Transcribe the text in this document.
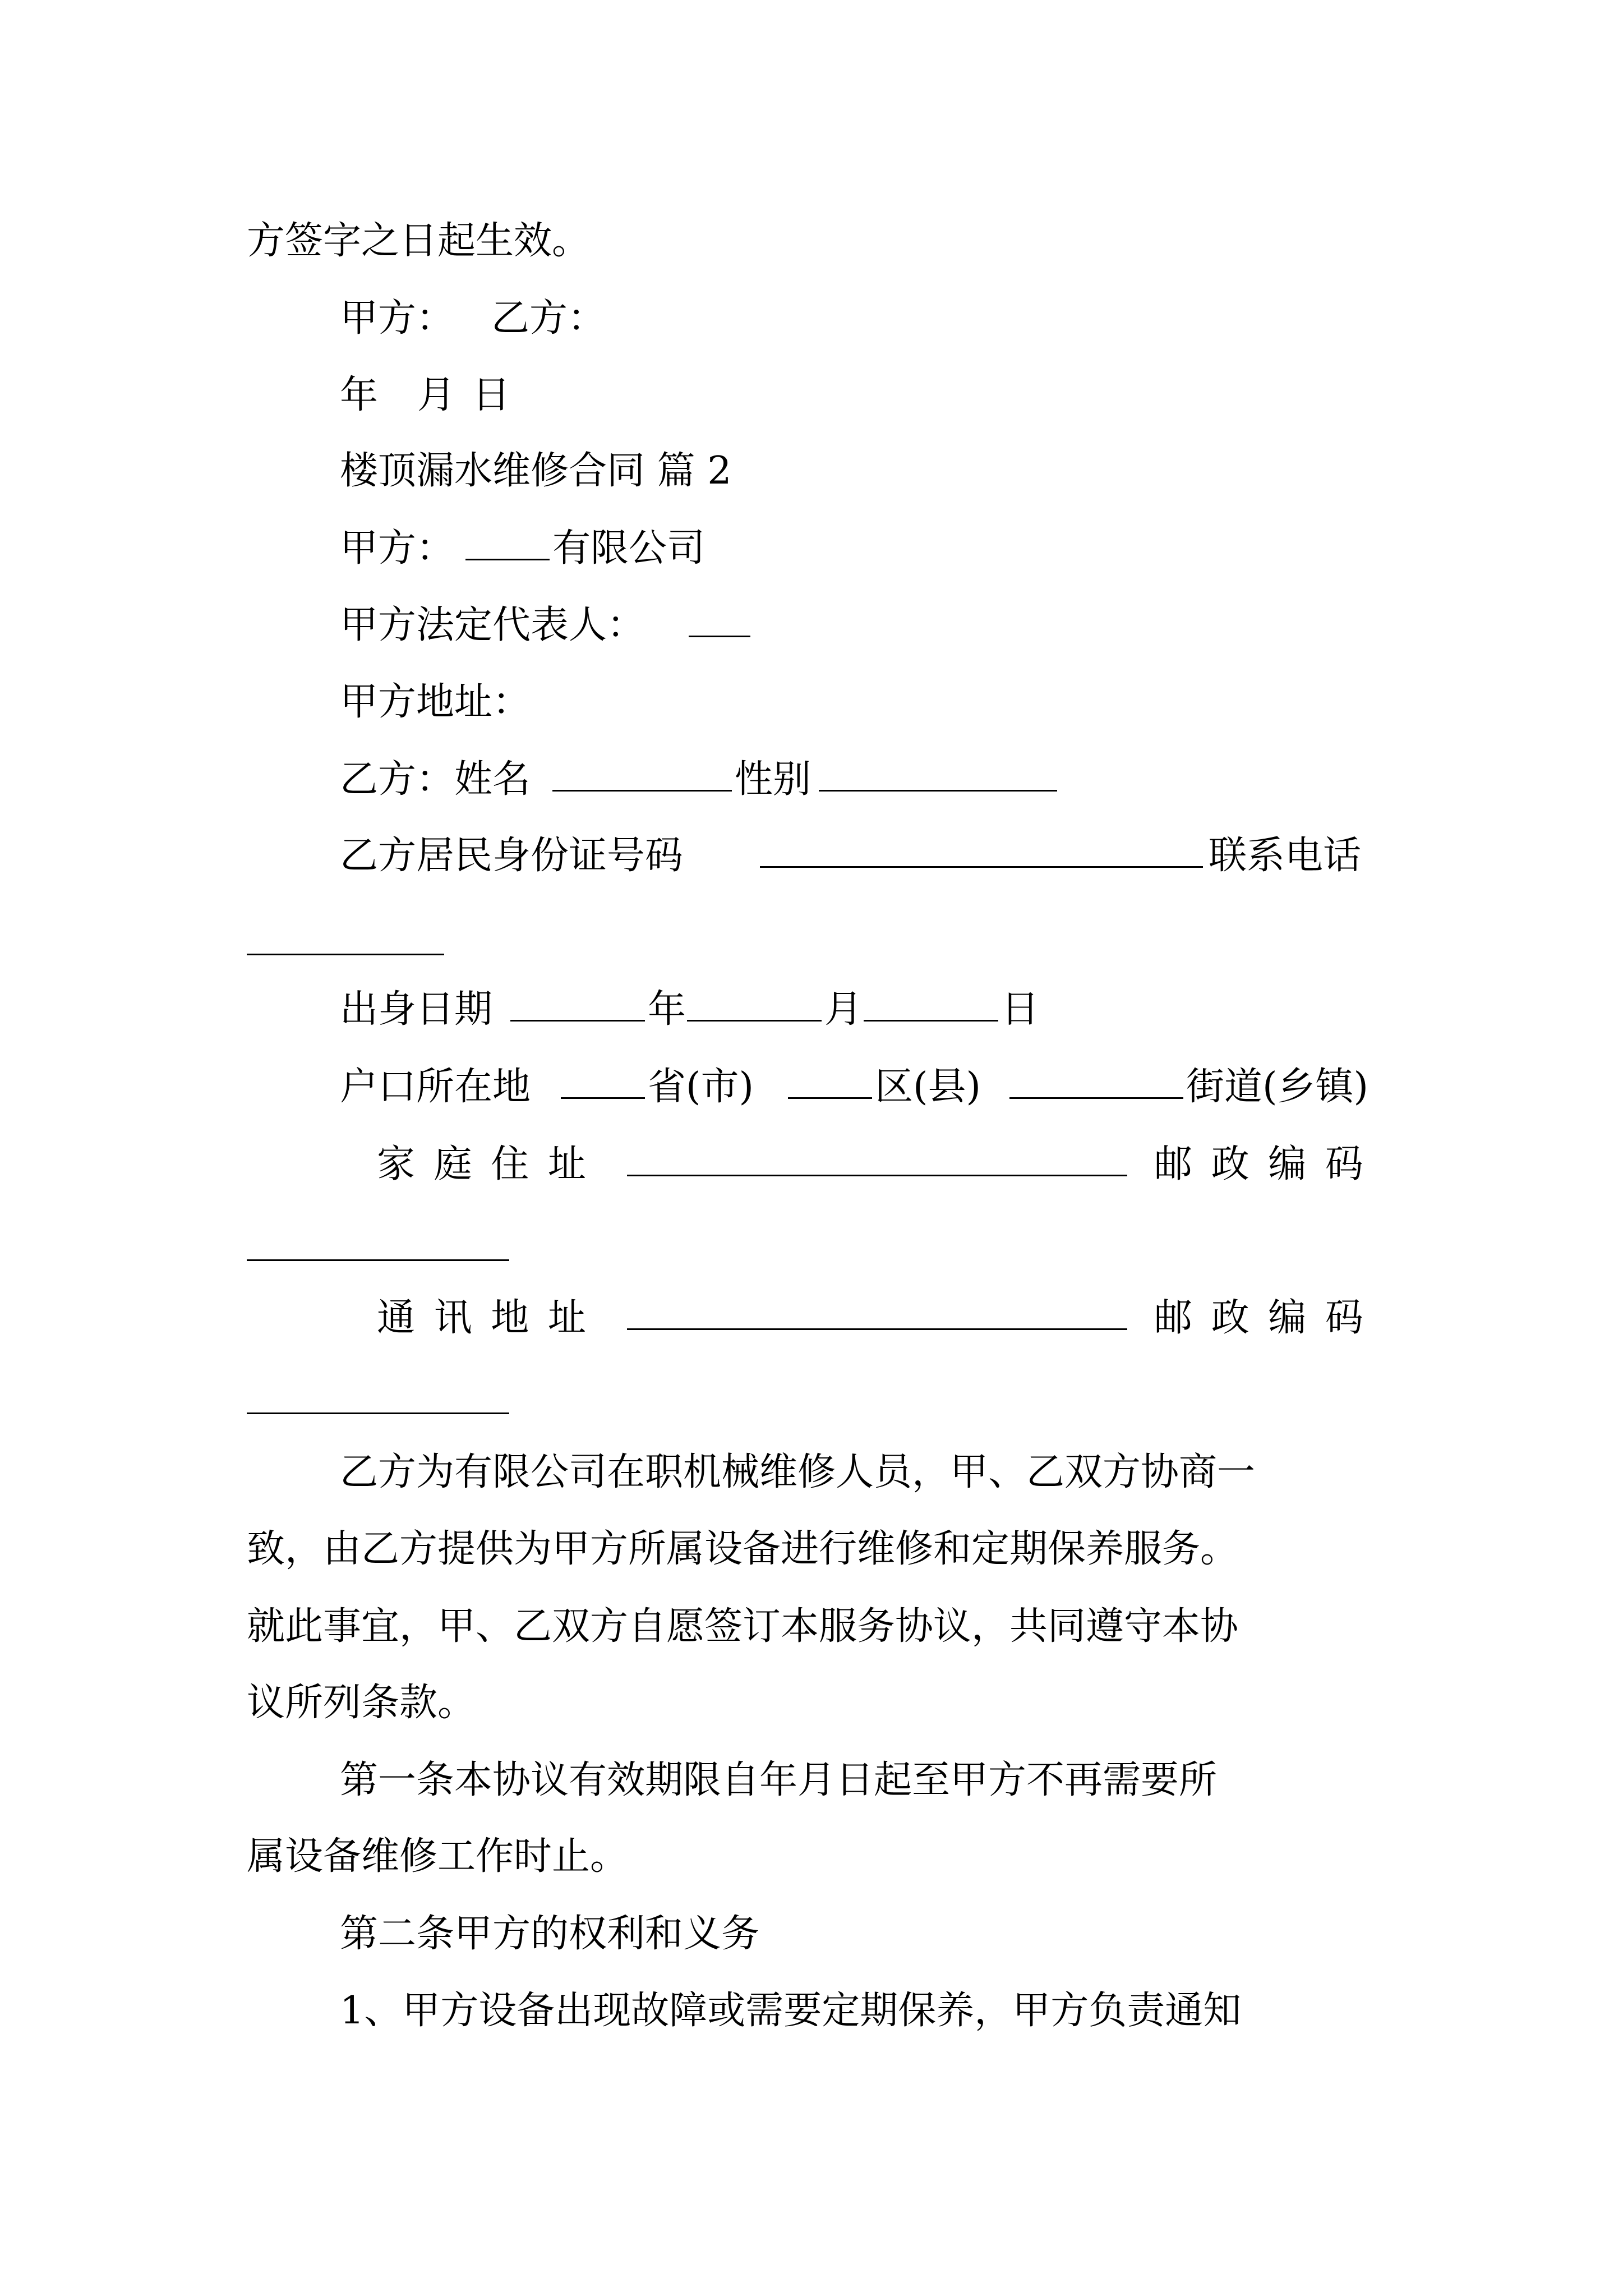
方签字之日起生效。
甲方： 乙方：
年 月 日
楼顶漏水维修合同 篇 2
甲方：	有限公司
甲方法定代表人：
甲方地址：
乙方：姓名	性别
乙方居民身份证号码	联系电话
出身日期	年	月	日
户口所在地	省(市)	区(县)	街道(乡镇)
家 庭 住 址	邮 政 编 码
通 讯 地 址	邮 政 编 码
乙方为有限公司在职机械维修人员，甲、乙双方协商一
致，由乙方提供为甲方所属设备进行维修和定期保养服务。
就此事宜，甲、乙双方自愿签订本服务协议，共同遵守本协
议所列条款。
第一条本协议有效期限自年月日起至甲方不再需要所
属设备维修工作时止。
第二条甲方的权利和义务
1、甲方设备出现故障或需要定期保养，甲方负责通知
